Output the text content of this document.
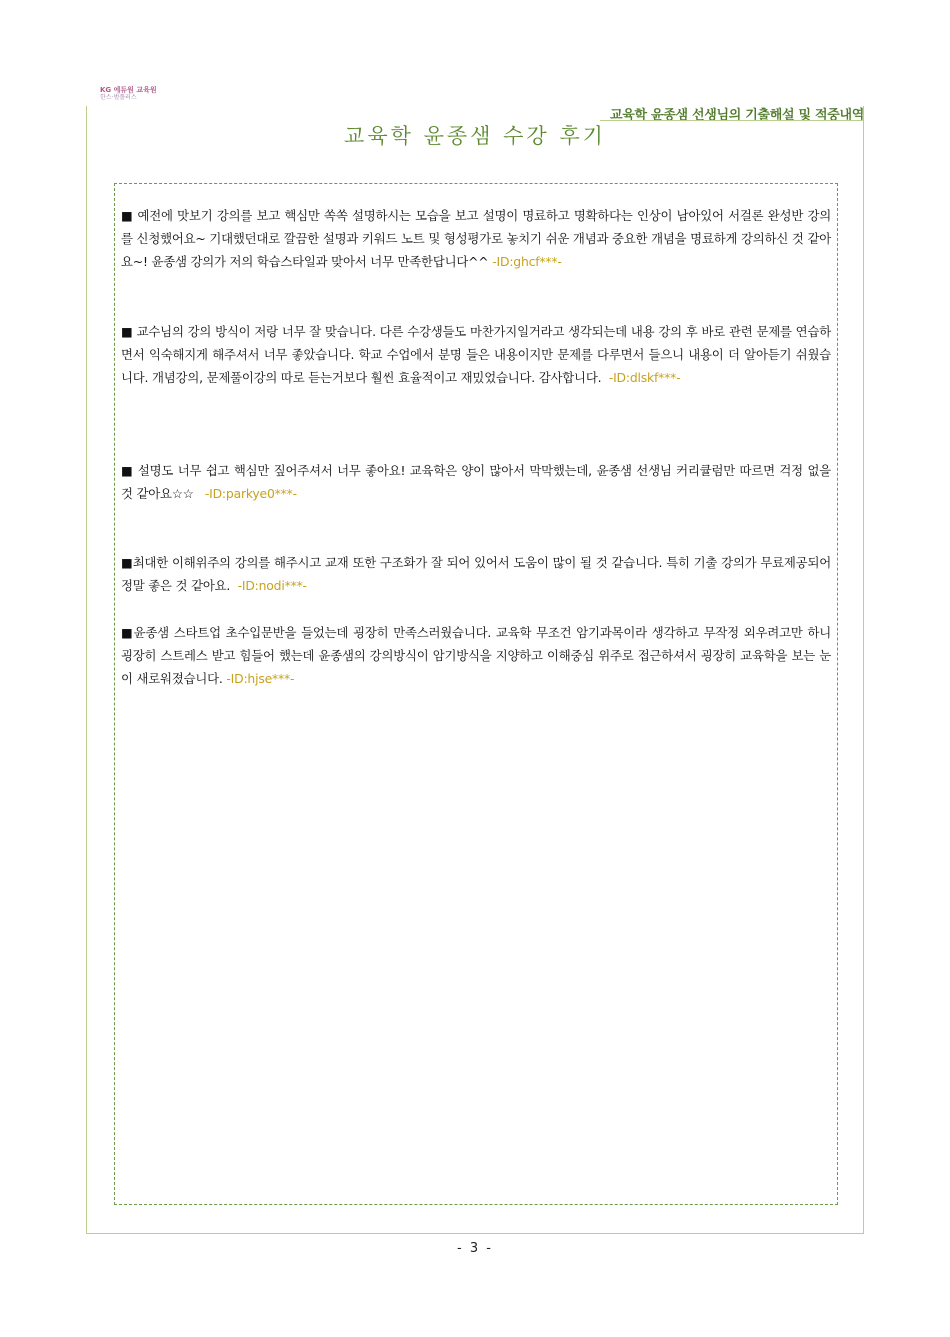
KG 에듀원 교육원
한스·범플러스
교육학 윤종샘 선생님의 기출해설 및 적중내역
교육학 윤종샘 수강 후기

■ 예전에 맛보기 강의를 보고 핵심만 쏙쏙 설명하시는 모습을 보고 설명이 명료하고 명확하다는 인상이 남아있어 서걸론 완성반 강의를 신청했어요~ 기대했던대로 깔끔한 설명과 키워드 노트 및 형성평가로 놓치기 쉬운 개념과 중요한 개념을 명료하게 강의하신 것 같아요~! 윤종샘 강의가 저의 학습스타일과 맞아서 너무 만족한답니다^^ -ID:ghcf***-

■ 교수님의 강의 방식이 저랑 너무 잘 맞습니다. 다른 수강생들도 마찬가지일거라고 생각되는데 내용 강의 후 바로 관련 문제를 연습하면서 익숙해지게 해주셔서 너무 좋았습니다. 학교 수업에서 분명 들은 내용이지만 문제를 다루면서 들으니 내용이 더 알아듣기 쉬웠습니다. 개념강의, 문제풀이강의 따로 듣는거보다 훨씬 효율적이고 재밌었습니다. 감사합니다. -ID:dlskf***-

■ 설명도 너무 쉽고 핵심만 짚어주셔서 너무 좋아요! 교육학은 양이 많아서 막막했는데, 윤종샘 선생님 커리큘럼만 따르면 걱정 없을 것 같아요☆☆ -ID:parkye0***-

■최대한 이해위주의 강의를 해주시고 교재 또한 구조화가 잘 되어 있어서 도움이 많이 될 것 같습니다. 특히 기출 강의가 무료제공되어 정말 좋은 것 같아요. -ID:nodi***-

■윤종샘 스타트업 초수입문반을 들었는데 굉장히 만족스러웠습니다. 교육학 무조건 암기과목이라 생각하고 무작정 외우려고만 하니 굉장히 스트레스 받고 힘들어 했는데 윤종샘의 강의방식이 암기방식을 지양하고 이해중심 위주로 접근하셔서 굉장히 교육학을 보는 눈이 새로워졌습니다. -ID:hjse***-

- 3 -
